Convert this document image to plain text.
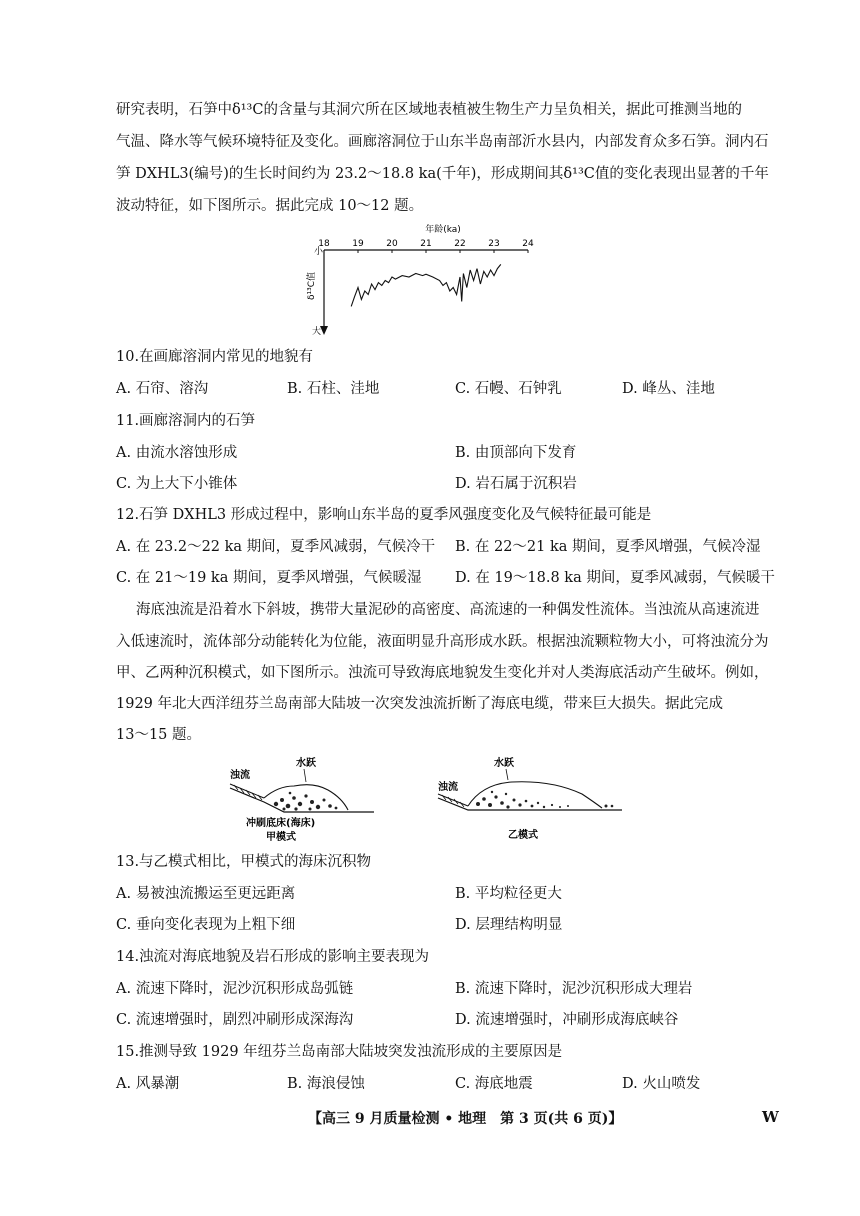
研究表明，石笋中δ¹³C的含量与其洞穴所在区域地表植被生物生产力呈负相关，据此可推测当地的
气温、降水等气候环境特征及变化。画廊溶洞位于山东半岛南部沂水县内，内部发育众多石笋。洞内石
笋 DXHL3(编号)的生长时间约为 23.2～18.8 ka(千年)，形成期间其δ¹³C值的变化表现出显著的千年
波动特征，如下图所示。据此完成 10～12 题。
年龄(ka)
18	19	20	21	22	23	24
小
大
δ¹³C值
10.在画廊溶洞内常见的地貌有
A. 石帘、溶沟	B. 石柱、洼地	C. 石幔、石钟乳	D. 峰丛、洼地
11.画廊溶洞内的石笋
A. 由流水溶蚀形成	B. 由顶部向下发育
C. 为上大下小锥体	D. 岩石属于沉积岩
12.石笋 DXHL3 形成过程中，影响山东半岛的夏季风强度变化及气候特征最可能是
A. 在 23.2～22 ka 期间，夏季风减弱，气候冷干 B. 在 22～21 ka 期间，夏季风增强，气候冷湿
C. 在 21～19 ka 期间，夏季风增强，气候暖湿 D. 在 19～18.8 ka 期间，夏季风减弱，气候暖干
海底浊流是沿着水下斜坡，携带大量泥砂的高密度、高流速的一种偶发性流体。当浊流从高速流进
入低速流时，流体部分动能转化为位能，液面明显升高形成水跃。根据浊流颗粒物大小，可将浊流分为
甲、乙两种沉积模式，如下图所示。浊流可导致海底地貌发生变化并对人类海底活动产生破坏。例如，
1929 年北大西洋纽芬兰岛南部大陆坡一次突发浊流折断了海底电缆，带来巨大损失。据此完成
13～15 题。
浊流
水跃
冲刷底床(海床)
甲模式
浊流
水跃
乙模式
13.与乙模式相比，甲模式的海床沉积物
A. 易被浊流搬运至更远距离	B. 平均粒径更大
C. 垂向变化表现为上粗下细	D. 层理结构明显
14.浊流对海底地貌及岩石形成的影响主要表现为
A. 流速下降时，泥沙沉积形成岛弧链	B. 流速下降时，泥沙沉积形成大理岩
C. 流速增强时，剧烈冲刷形成深海沟	D. 流速增强时，冲刷形成海底峡谷
15.推测导致 1929 年纽芬兰岛南部大陆坡突发浊流形成的主要原因是
A. 风暴潮	B. 海浪侵蚀	C. 海底地震	D. 火山喷发
【高三 9 月质量检测 • 地理　第 3 页(共 6 页)】	W
